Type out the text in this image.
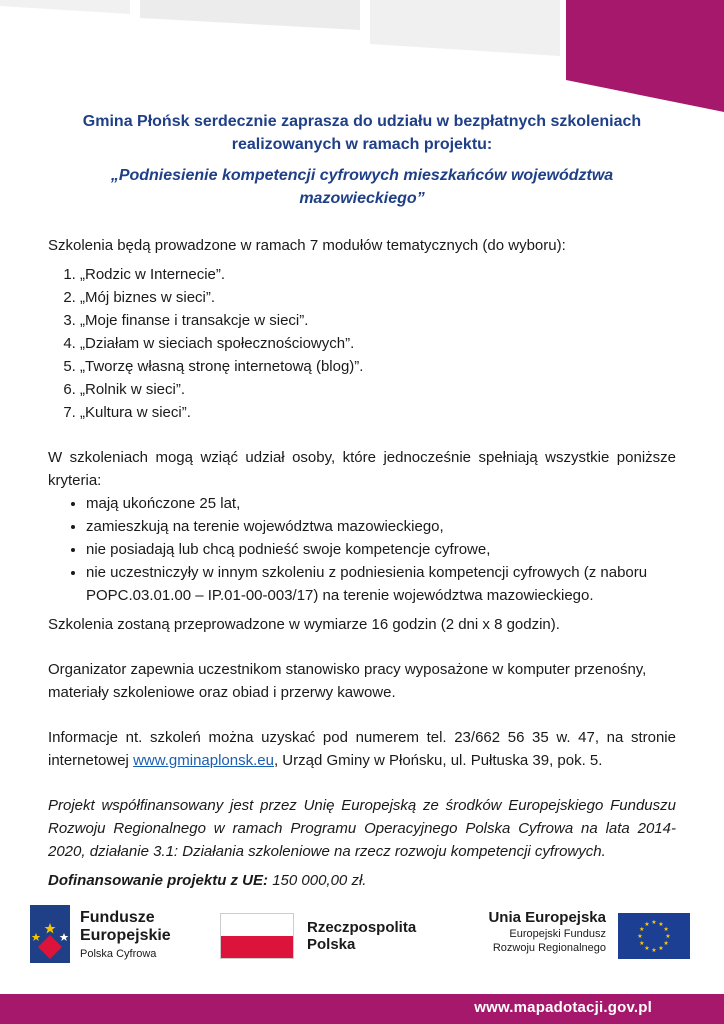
Gmina Płońsk serdecznie zaprasza do udziału w bezpłatnych szkoleniach realizowanych w ramach projektu:
„Podniesienie kompetencji cyfrowych mieszkańców województwa mazowieckiego”

Szkolenia będą prowadzone w ramach 7 modułów tematycznych (do wyboru):

1. „Rodzic w Internecie”.
2. „Mój biznes w sieci”.
3. „Moje finanse i transakcje w sieci”.
4. „Działam w sieciach społecznościowych”.
5. „Tworzę własną stronę internetową (blog)”.
6. „Rolnik w sieci”.
7. „Kultura w sieci”.

W szkoleniach mogą wziąć udział osoby, które jednocześnie spełniają wszystkie poniższe kryteria:

• mają ukończone 25 lat,
• zamieszkują na terenie województwa mazowieckiego,
• nie posiadają lub chcą podnieść swoje kompetencje cyfrowe,
• nie uczestniczyły w innym szkoleniu z podniesienia kompetencji cyfrowych (z naboru POPC.03.01.00 – IP.01-00-003/17) na terenie województwa mazowieckiego.

Szkolenia zostaną przeprowadzone w wymiarze 16 godzin (2 dni x 8 godzin).

Organizator zapewnia uczestnikom stanowisko pracy wyposażone w komputer przenośny, materiały szkoleniowe oraz obiad i przerwy kawowe.

Informacje nt. szkoleń można uzyskać pod numerem tel. 23/662 56 35 w. 47, na stronie internetowej www.gminaplonsk.eu, Urząd Gminy w Płońsku, ul. Pułtuska 39, pok. 5.

Projekt współfinansowany jest przez Unię Europejską ze środków Europejskiego Funduszu Rozwoju Regionalnego w ramach Programu Operacyjnego Polska Cyfrowa na lata 2014-2020, działanie 3.1: Działania szkoleniowe na rzecz rozwoju kompetencji cyfrowych.

Dofinansowanie projektu z UE: 150 000,00 zł.

Fundusze
Europejskie
Polska Cyfrowa
Rzeczpospolita
Polska
Unia Europejska
Europejski Fundusz
Rozwoju Regionalnego
★ ★
★
★
★
★
★
★
★
★
★
★
www.mapadotacji.gov.pl
